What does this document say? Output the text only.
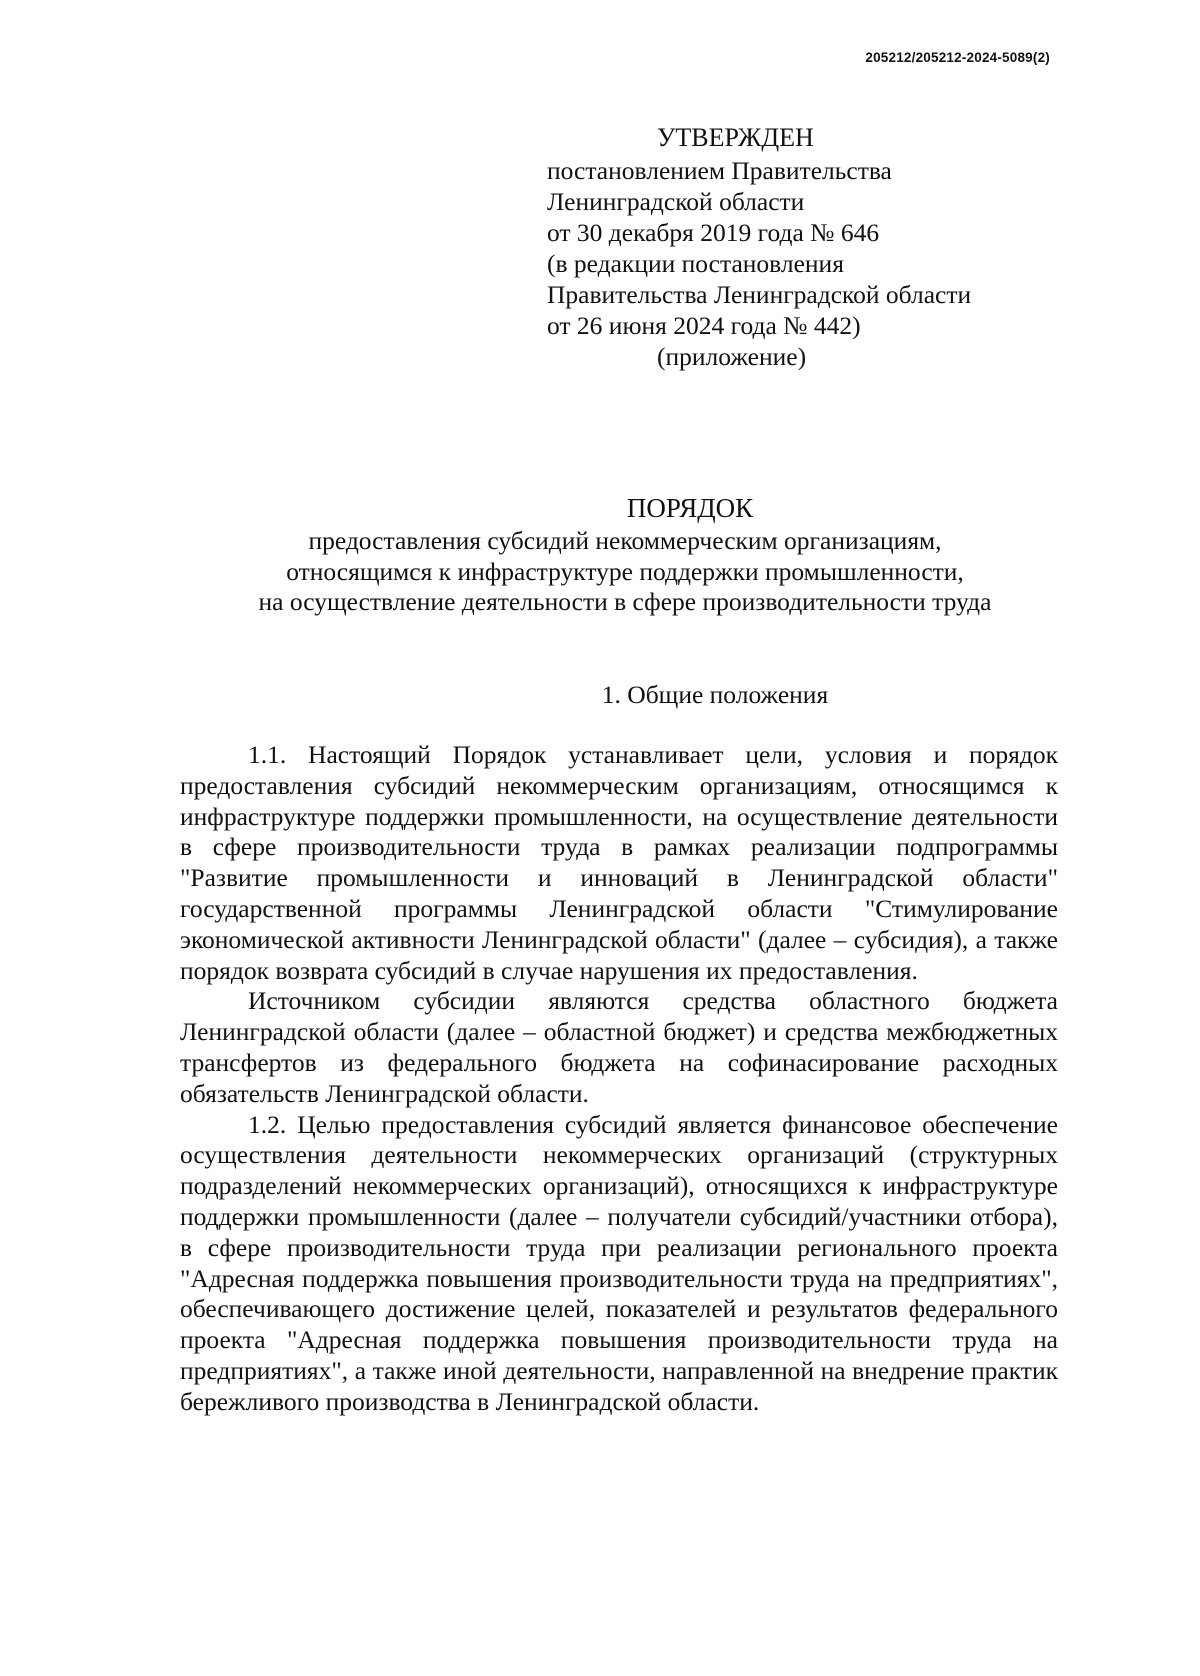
205212/205212-2024-5089(2)
УТВЕРЖДЕН
постановлением Правительства
Ленинградской области
от 30 декабря 2019 года № 646
(в редакции постановления
Правительства Ленинградской области
от 26 июня 2024 года № 442)
(приложение)
ПОРЯДОК
предоставления субсидий некоммерческим организациям,
относящимся к инфраструктуре поддержки промышленности,
на осуществление деятельности в сфере производительности труда
1. Общие положения

1.1. Настоящий Порядок устанавливает цели, условия и порядок предоставления субсидий некоммерческим организациям, относящимся к инфраструктуре поддержки промышленности, на осуществление деятельности в сфере производительности труда в рамках реализации подпрограммы "Развитие промышленности и инноваций в Ленинградской области" государственной программы Ленинградской области "Стимулирование экономической активности Ленинградской области" (далее – субсидия), а также порядок возврата субсидий в случае нарушения их предоставления.

Источником субсидии являются средства областного бюджета Ленинградской области (далее – областной бюджет) и средства межбюджетных трансфертов из федерального бюджета на софинасирование расходных обязательств Ленинградской области.

1.2. Целью предоставления субсидий является финансовое обеспечение осуществления деятельности некоммерческих организаций (структурных подразделений некоммерческих организаций), относящихся к инфраструктуре поддержки промышленности (далее – получатели субсидий/участники отбора), в сфере производительности труда при реализации регионального проекта "Адресная поддержка повышения производительности труда на предприятиях", обеспечивающего достижение целей, показателей и результатов федерального проекта "Адресная поддержка повышения производительности труда на предприятиях", а также иной деятельности, направленной на внедрение практик бережливого производства в Ленинградской области.
